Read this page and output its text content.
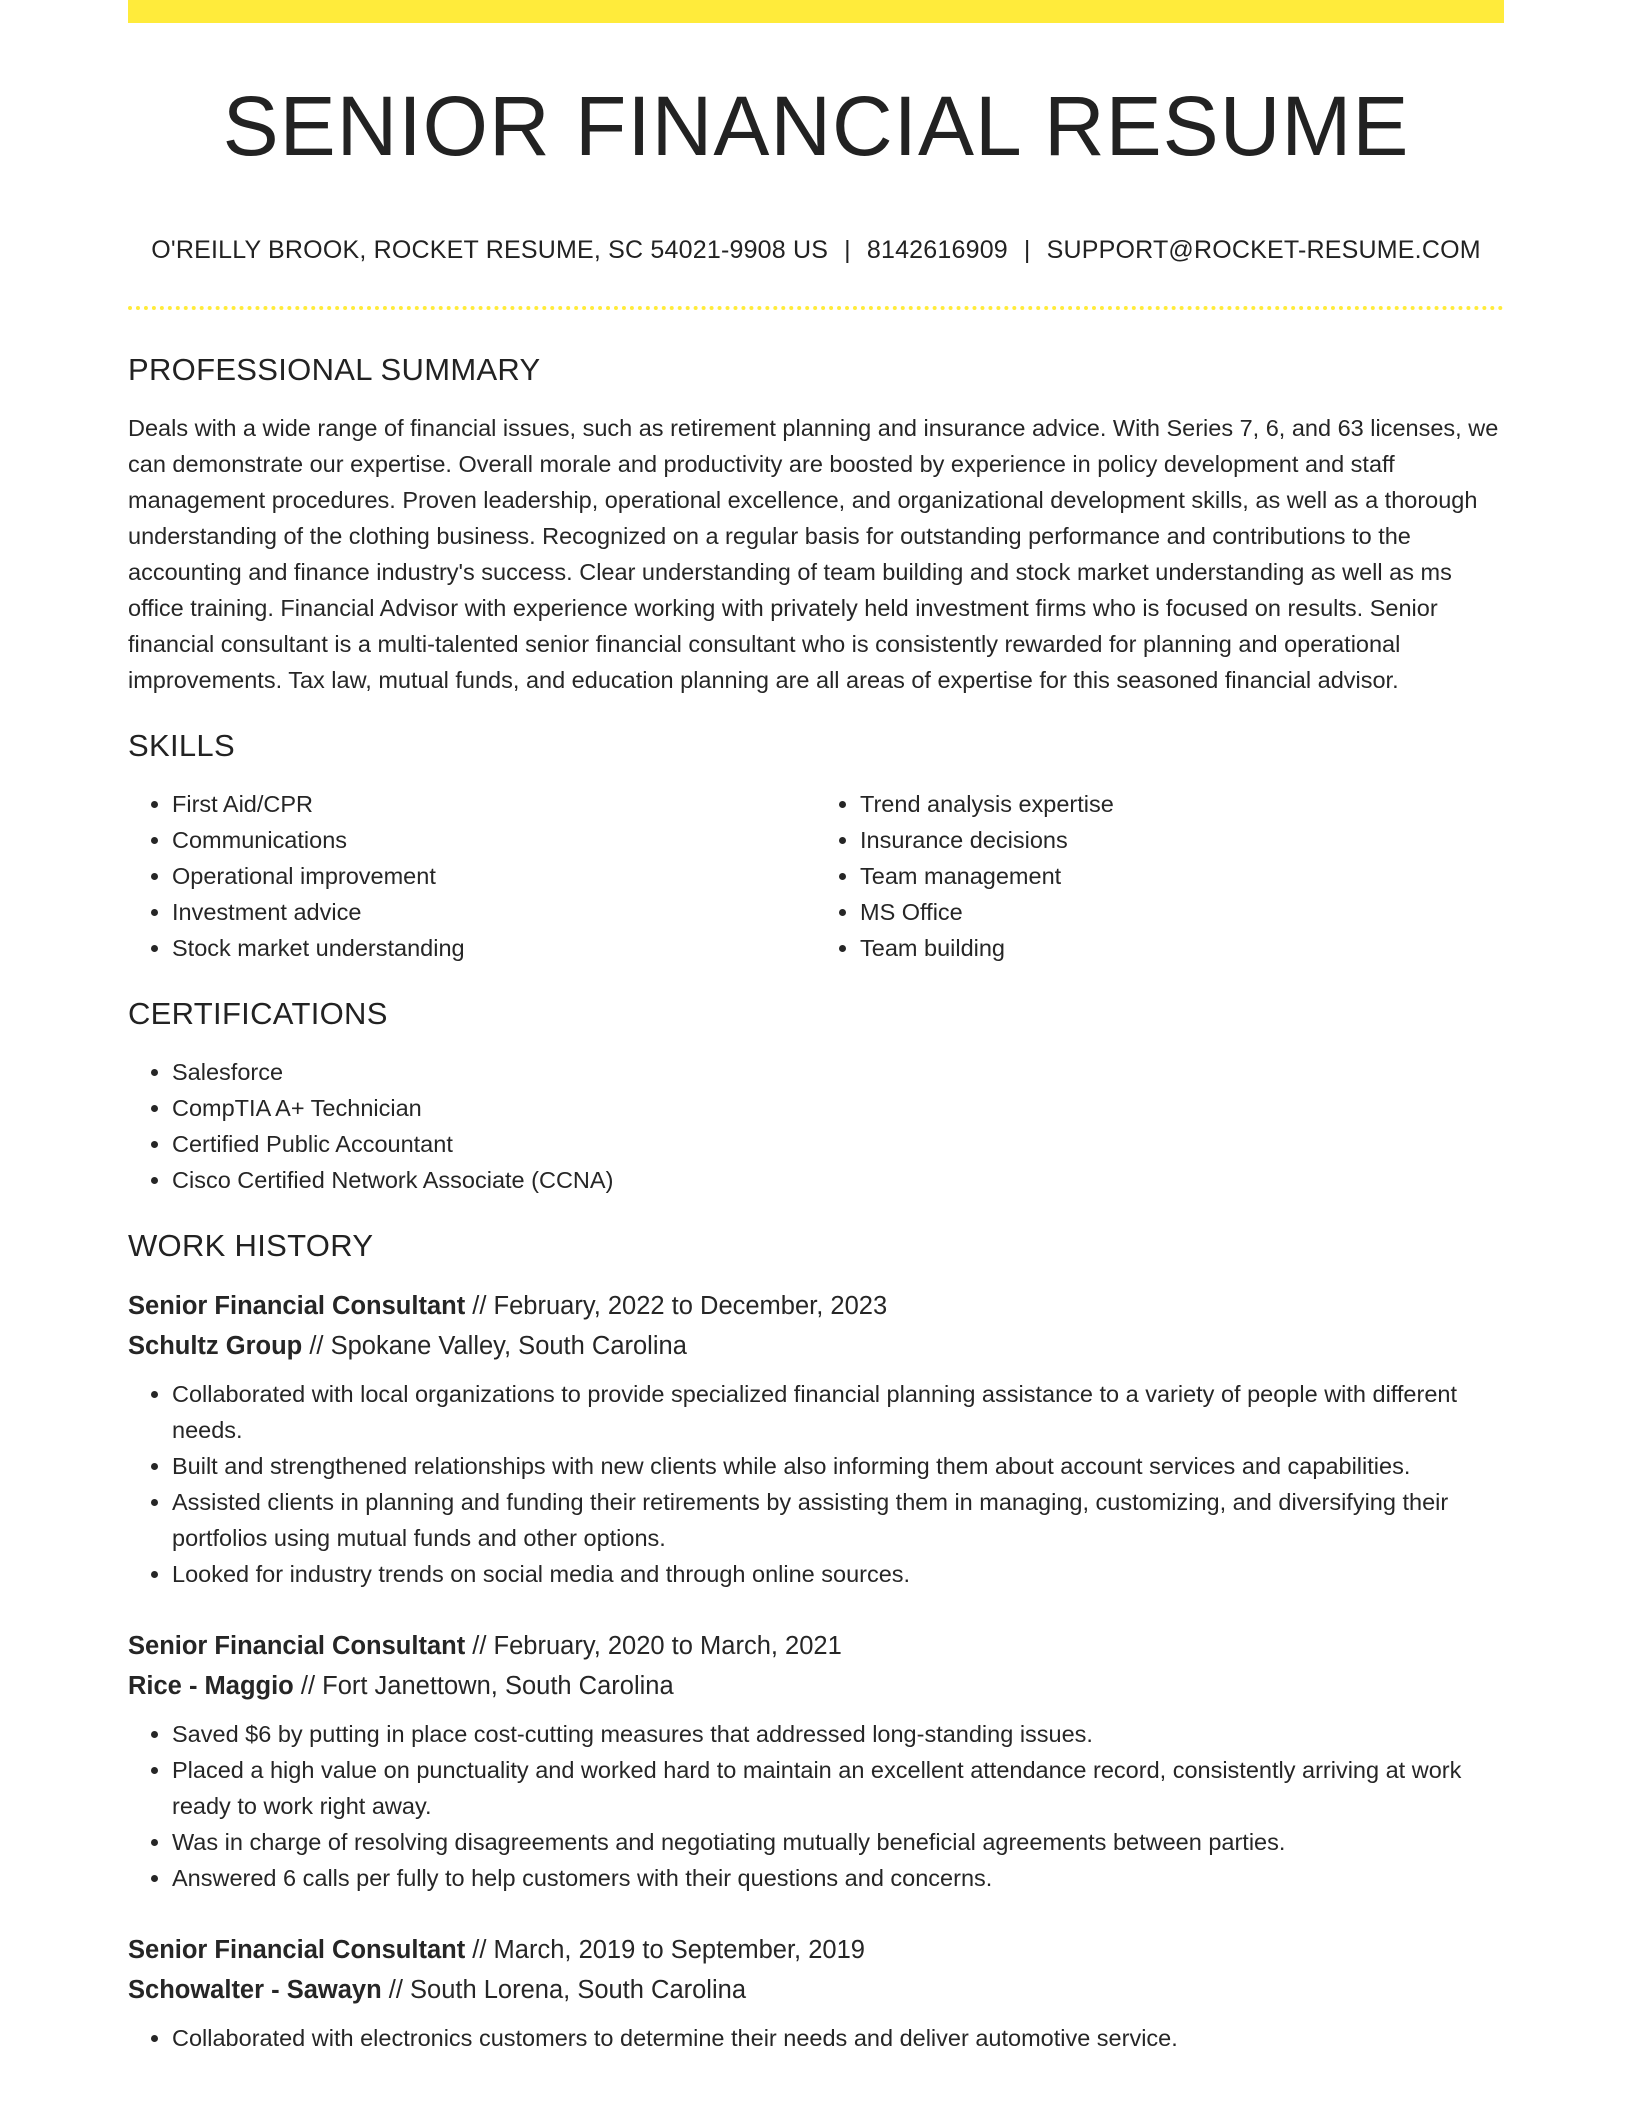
SENIOR FINANCIAL RESUME
O'REILLY BROOK, ROCKET RESUME, SC 54021-9908 US | 8142616909 | SUPPORT@ROCKET-RESUME.COM
PROFESSIONAL SUMMARY

Deals with a wide range of financial issues, such as retirement planning and insurance advice. With Series 7, 6, and 63 licenses, we can demonstrate our expertise. Overall morale and productivity are boosted by experience in policy development and staff management procedures. Proven leadership, operational excellence, and organizational development skills, as well as a thorough understanding of the clothing business. Recognized on a regular basis for outstanding performance and contributions to the accounting and finance industry's success. Clear understanding of team building and stock market understanding as well as ms office training. Financial Advisor with experience working with privately held investment firms who is focused on results. Senior financial consultant is a multi-talented senior financial consultant who is consistently rewarded for planning and operational improvements. Tax law, mutual funds, and education planning are all areas of expertise for this seasoned financial advisor.

SKILLS
• First Aid/CPR
• Communications
• Operational improvement
• Investment advice
• Stock market understanding
• Trend analysis expertise
• Insurance decisions
• Team management
• MS Office
• Team building
CERTIFICATIONS
• Salesforce
• CompTIA A+ Technician
• Certified Public Accountant
• Cisco Certified Network Associate (CCNA)
WORK HISTORY
Senior Financial Consultant // February, 2022 to December, 2023
Schultz Group // Spokane Valley, South Carolina
• Collaborated with local organizations to provide specialized financial planning assistance to a variety of people with different needs.
• Built and strengthened relationships with new clients while also informing them about account services and capabilities.
• Assisted clients in planning and funding their retirements by assisting them in managing, customizing, and diversifying their portfolios using mutual funds and other options.
• Looked for industry trends on social media and through online sources.
Senior Financial Consultant // February, 2020 to March, 2021
Rice - Maggio // Fort Janettown, South Carolina
• Saved $6 by putting in place cost-cutting measures that addressed long-standing issues.
• Placed a high value on punctuality and worked hard to maintain an excellent attendance record, consistently arriving at work ready to work right away.
• Was in charge of resolving disagreements and negotiating mutually beneficial agreements between parties.
• Answered 6 calls per fully to help customers with their questions and concerns.
Senior Financial Consultant // March, 2019 to September, 2019
Schowalter - Sawayn // South Lorena, South Carolina
• Collaborated with electronics customers to determine their needs and deliver automotive service.
